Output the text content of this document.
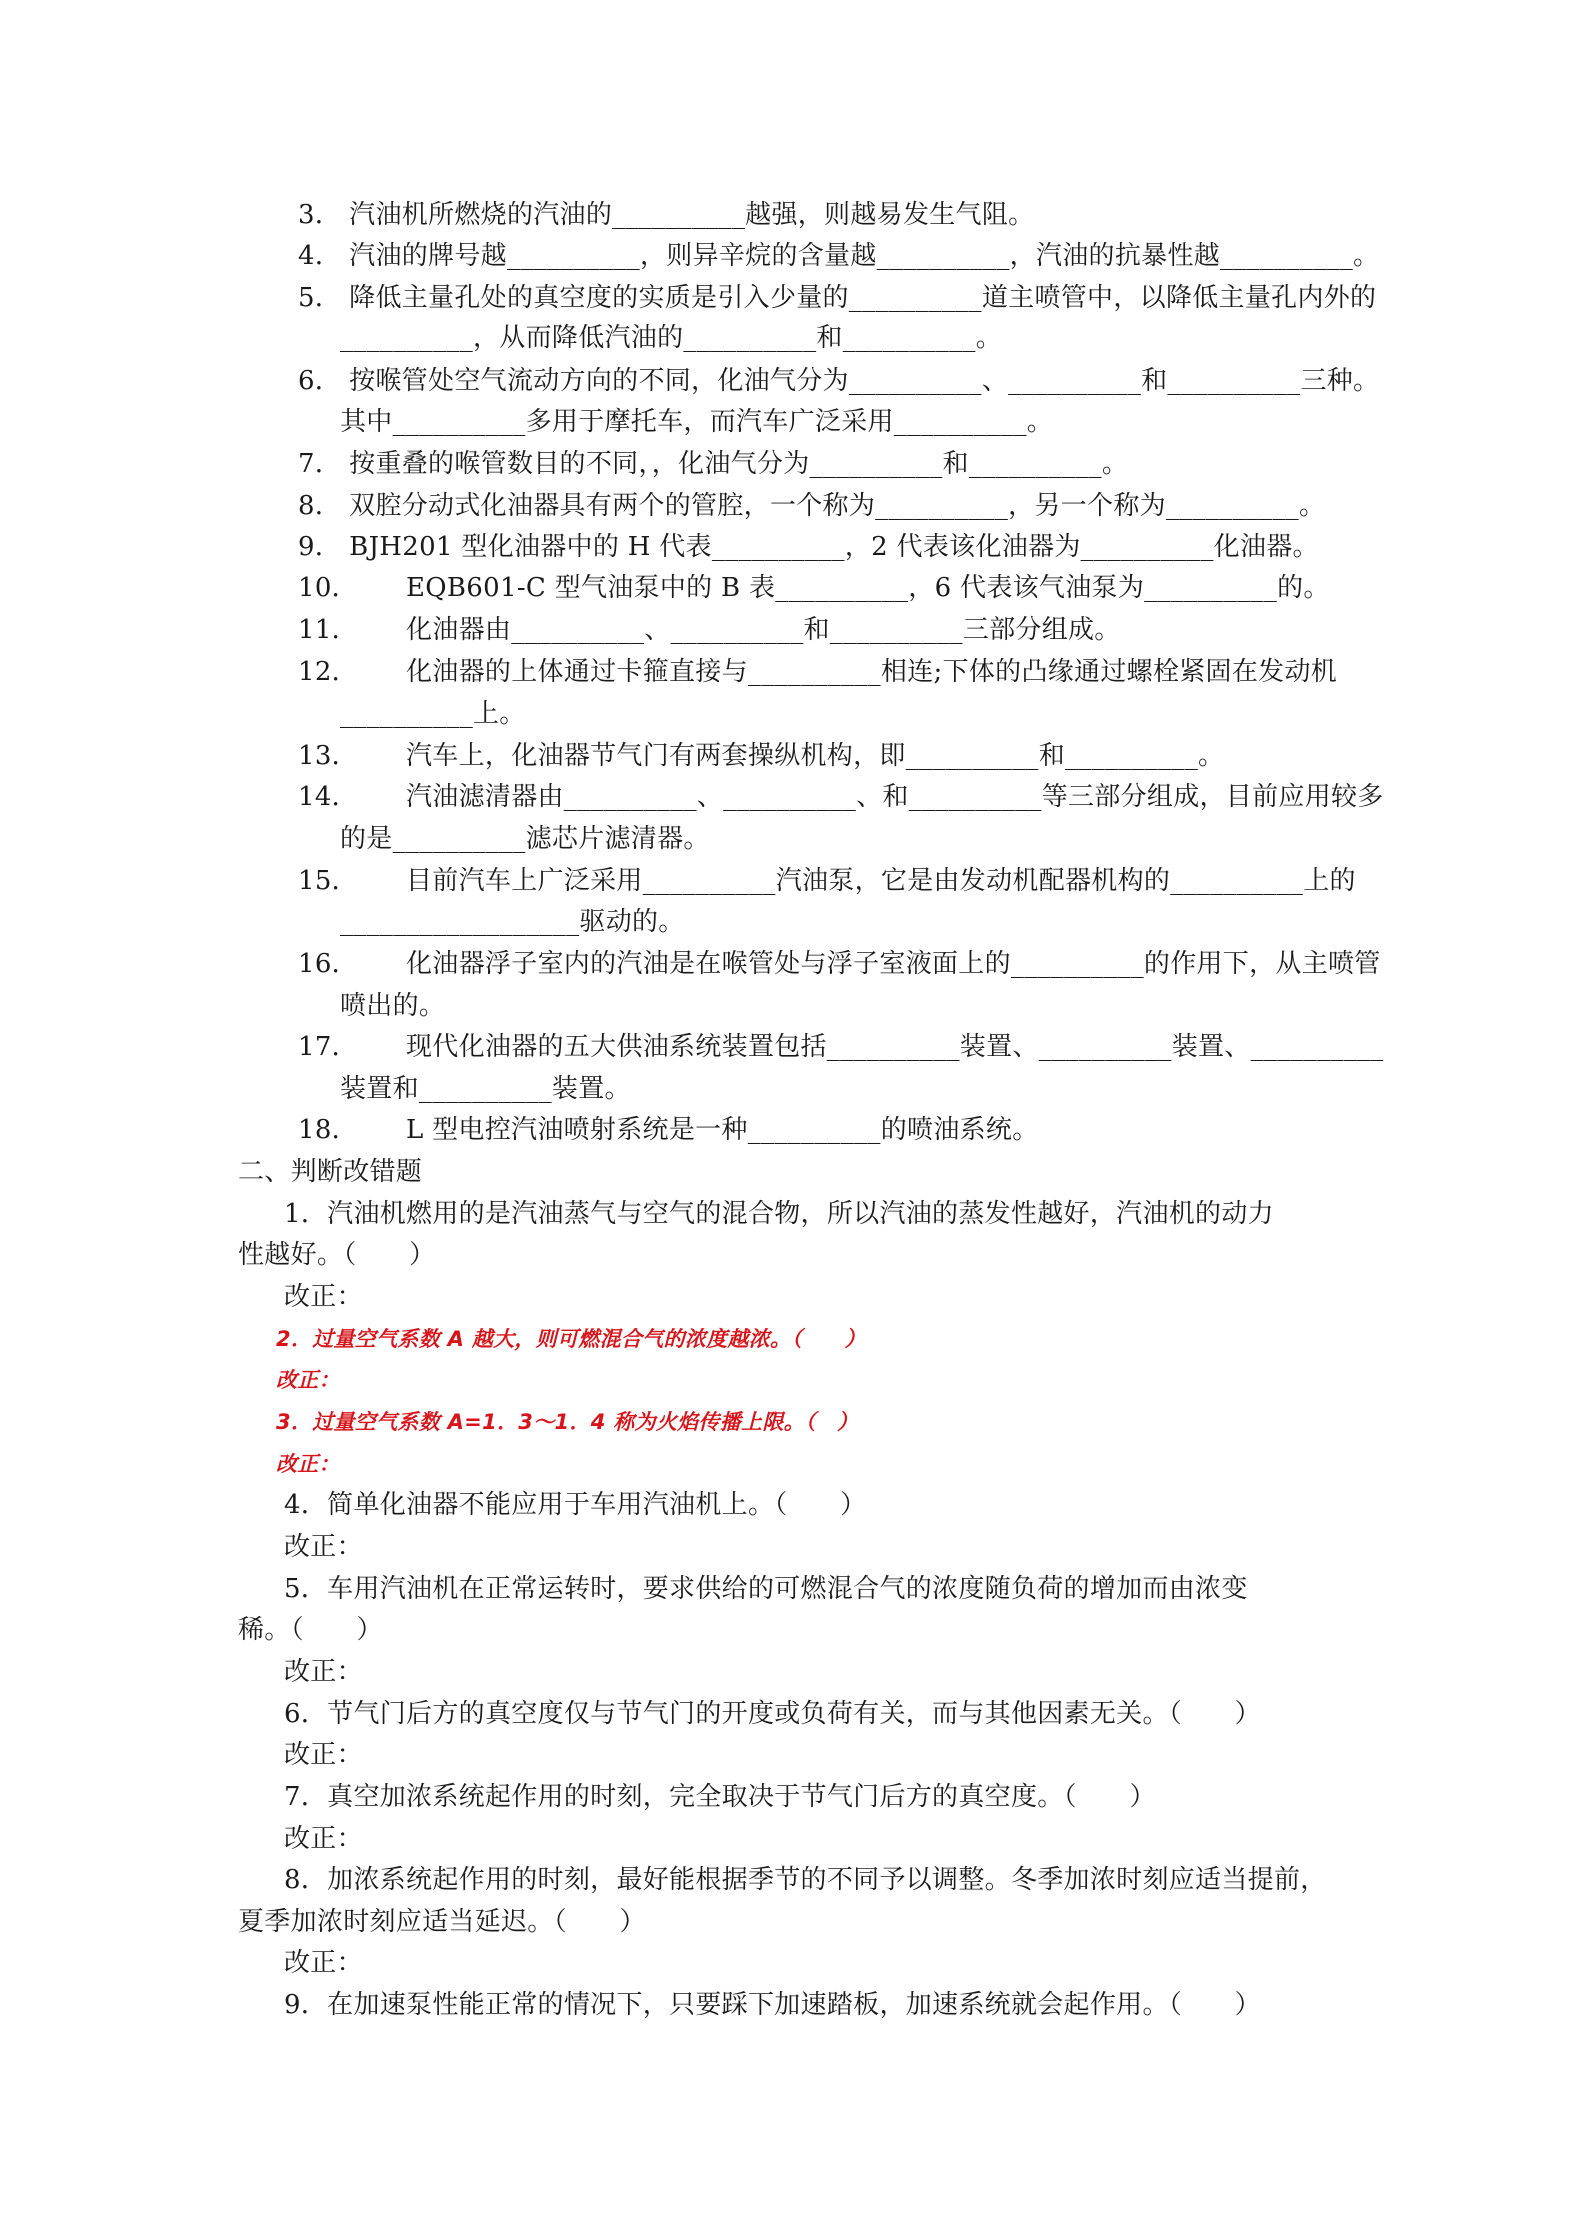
3． 汽油机所燃烧的汽油的__________越强，则越易发生气阻。
4． 汽油的牌号越__________，则异辛烷的含量越__________，汽油的抗暴性越__________。
5． 降低主量孔处的真空度的实质是引入少量的__________道主喷管中，以降低主量孔内外的
__________，从而降低汽油的__________和__________。
6． 按喉管处空气流动方向的不同，化油气分为__________、__________和__________三种。
其中__________多用于摩托车，而汽车广泛采用__________。
7． 按重叠的喉管数目的不同，，化油气分为__________和__________。
8． 双腔分动式化油器具有两个的管腔，一个称为__________，另一个称为__________。
9． BJH201 型化油器中的 H 代表__________，2 代表该化油器为__________化油器。
10． EQB601-C 型气油泵中的 B 表__________，6 代表该气油泵为__________的。
11． 化油器由__________、__________和__________三部分组成。
12． 化油器的上体通过卡箍直接与__________相连;下体的凸缘通过螺栓紧固在发动机
__________上。
13． 汽车上，化油器节气门有两套操纵机构，即__________和__________。
14． 汽油滤清器由__________、__________、和__________等三部分组成，目前应用较多
的是__________滤芯片滤清器。
15． 目前汽车上广泛采用__________汽油泵，它是由发动机配器机构的__________上的
__________________驱动的。
16． 化油器浮子室内的汽油是在喉管处与浮子室液面上的__________的作用下，从主喷管
喷出的。
17． 现代化油器的五大供油系统装置包括__________装置、__________装置、__________
装置和__________装置。
18． L 型电控汽油喷射系统是一种__________的喷油系统。
二、判断改错题
1．汽油机燃用的是汽油蒸气与空气的混合物，所以汽油的蒸发性越好，汽油机的动力
性越好。（　　）
改正：
2．过量空气系数 A 越大，则可燃混合气的浓度越浓。（　　）
改正：
3．过量空气系数 A=1．3～1．4 称为火焰传播上限。（　）
改正：
4．简单化油器不能应用于车用汽油机上。（　　）
改正：
5．车用汽油机在正常运转时，要求供给的可燃混合气的浓度随负荷的增加而由浓变
稀。（　　）
改正：
6．节气门后方的真空度仅与节气门的开度或负荷有关，而与其他因素无关。（　　）
改正：
7．真空加浓系统起作用的时刻，完全取决于节气门后方的真空度。（　　）
改正：
8．加浓系统起作用的时刻，最好能根据季节的不同予以调整。冬季加浓时刻应适当提前，
夏季加浓时刻应适当延迟。（　　）
改正：
9．在加速泵性能正常的情况下，只要踩下加速踏板，加速系统就会起作用。（　　）
